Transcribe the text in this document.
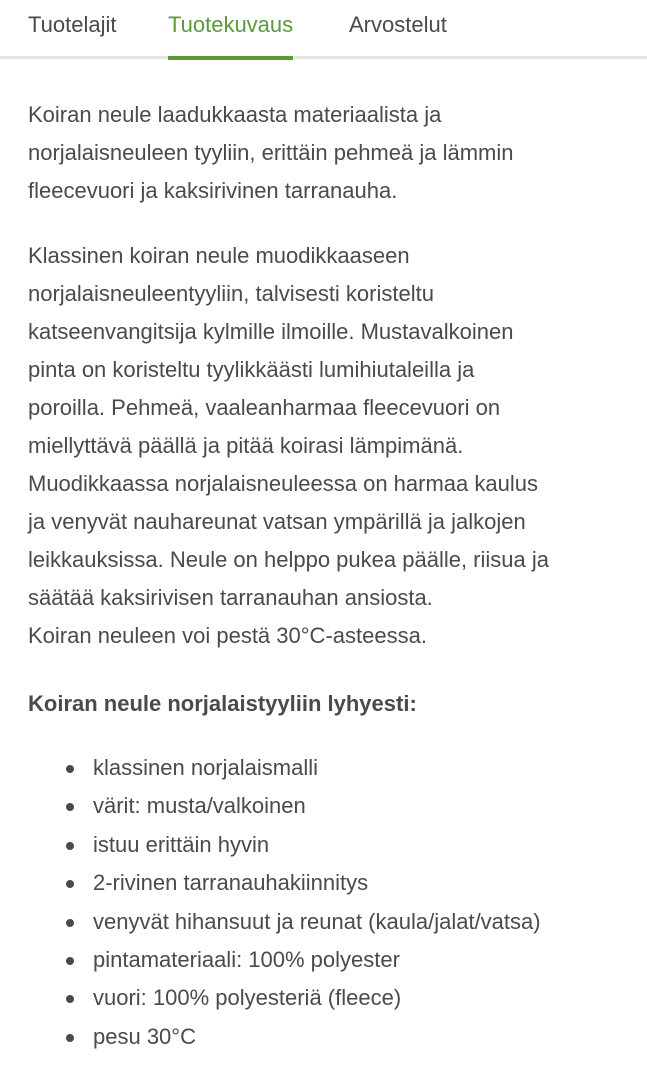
Tuotelajit Tuotekuvaus	Arvostelut
Koiran neule laadukkaasta materiaalista ja
norjalaisneuleen tyyliin, erittäin pehmeä ja lämmin
fleecevuori ja kaksirivinen tarranauha.
Klassinen koiran neule muodikkaaseen
norjalaisneuleentyyliin, talvisesti koristeltu
katseenvangitsija kylmille ilmoille. Mustavalkoinen
pinta on koristeltu tyylikkäästi lumihiutaleilla ja
poroilla. Pehmeä, vaaleanharmaa fleecevuori on
miellyttävä päällä ja pitää koirasi lämpimänä.
Muodikkaassa norjalaisneuleessa on harmaa kaulus
ja venyvät nauhareunat vatsan ympärillä ja jalkojen
leikkauksissa. Neule on helppo pukea päälle, riisua ja
säätää kaksirivisen tarranauhan ansiosta.
Koiran neuleen voi pestä 30°C-asteessa.
Koiran neule norjalaistyyliin lyhyesti:
klassinen norjalaismalli
värit: musta/valkoinen
istuu erittäin hyvin
2-rivinen tarranauhakiinnitys
venyvät hihansuut ja reunat (kaula/jalat/vatsa)
pintamateriaali: 100% polyester
vuori: 100% polyesteriä (fleece)
pesu 30°C
